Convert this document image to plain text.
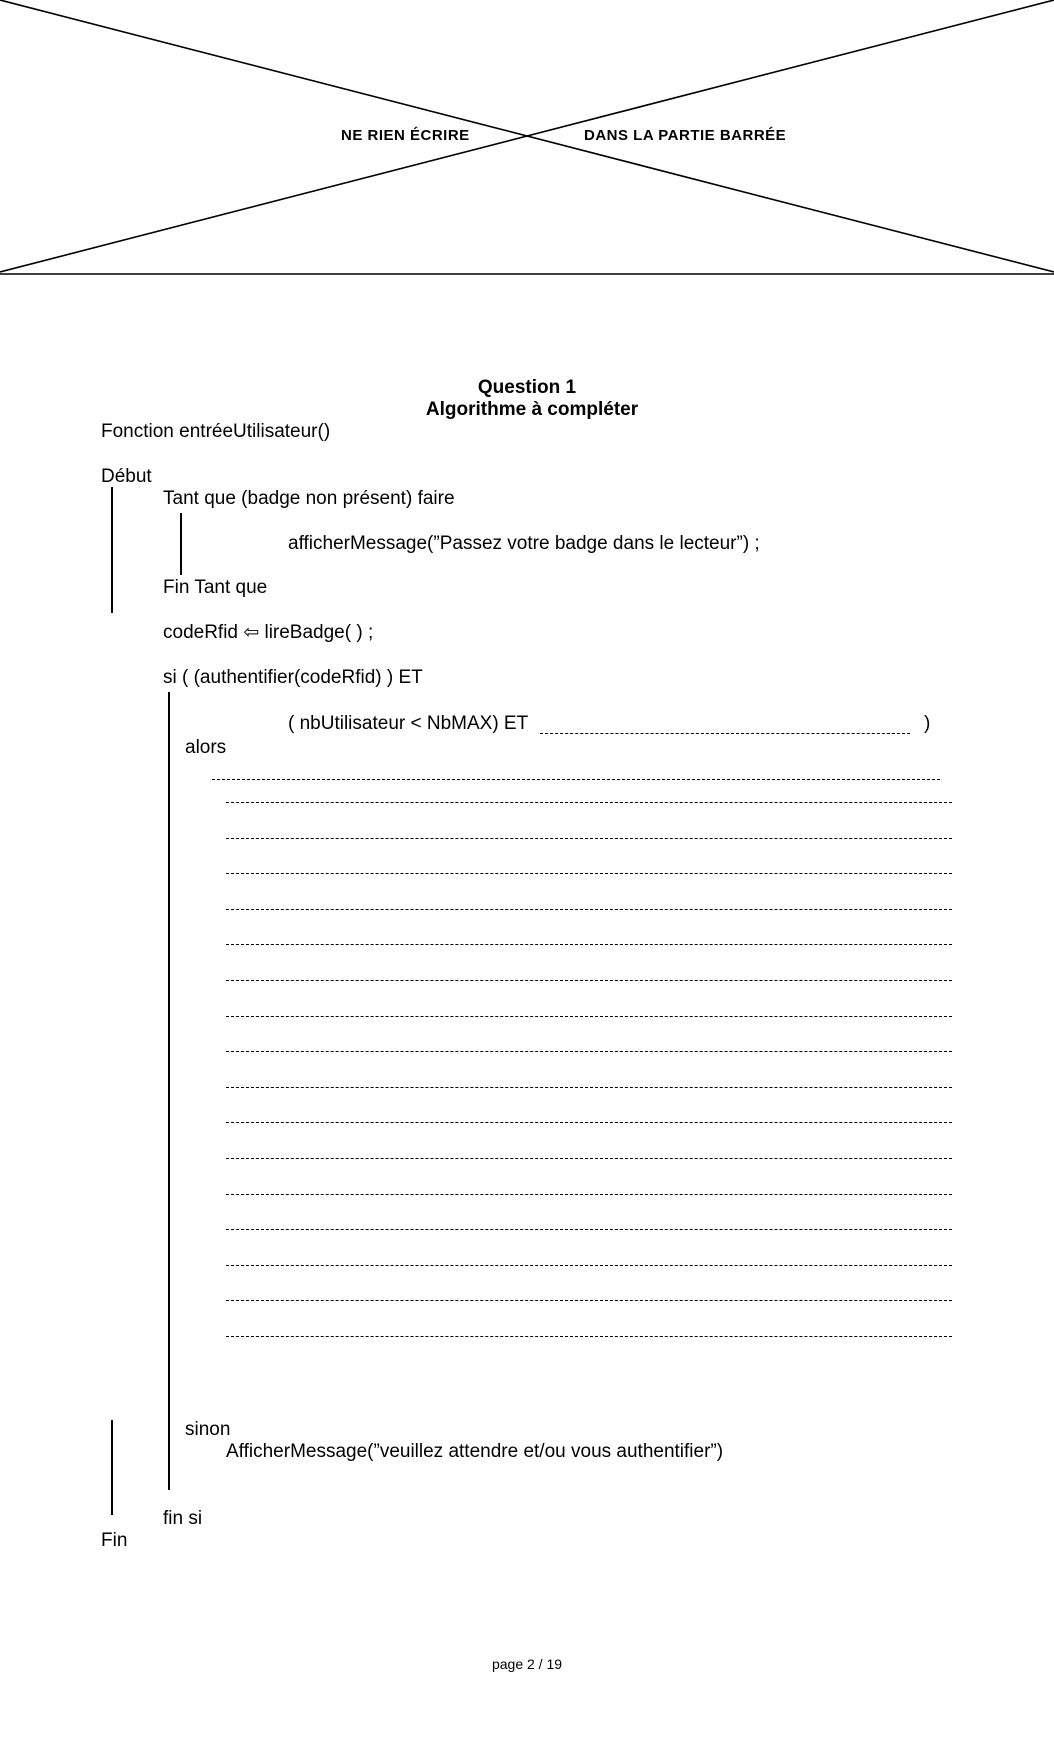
NE RIEN ÉCRIRE	DANS LA PARTIE BARRÉE
Question 1
Algorithme à compléter
Fonction entréeUtilisateur()
Début
Tant que (badge non présent) faire
afficherMessage(”Passez votre badge dans le lecteur”) ;
Fin Tant que
codeRfid ⇦ lireBadge( ) ;
si ( (authentifier(codeRfid) ) ET
( nbUtilisateur < NbMAX) ET	)
alors
sinon
AfficherMessage(”veuillez attendre et/ou vous authentifier”)
fin si
Fin
page 2 / 19
